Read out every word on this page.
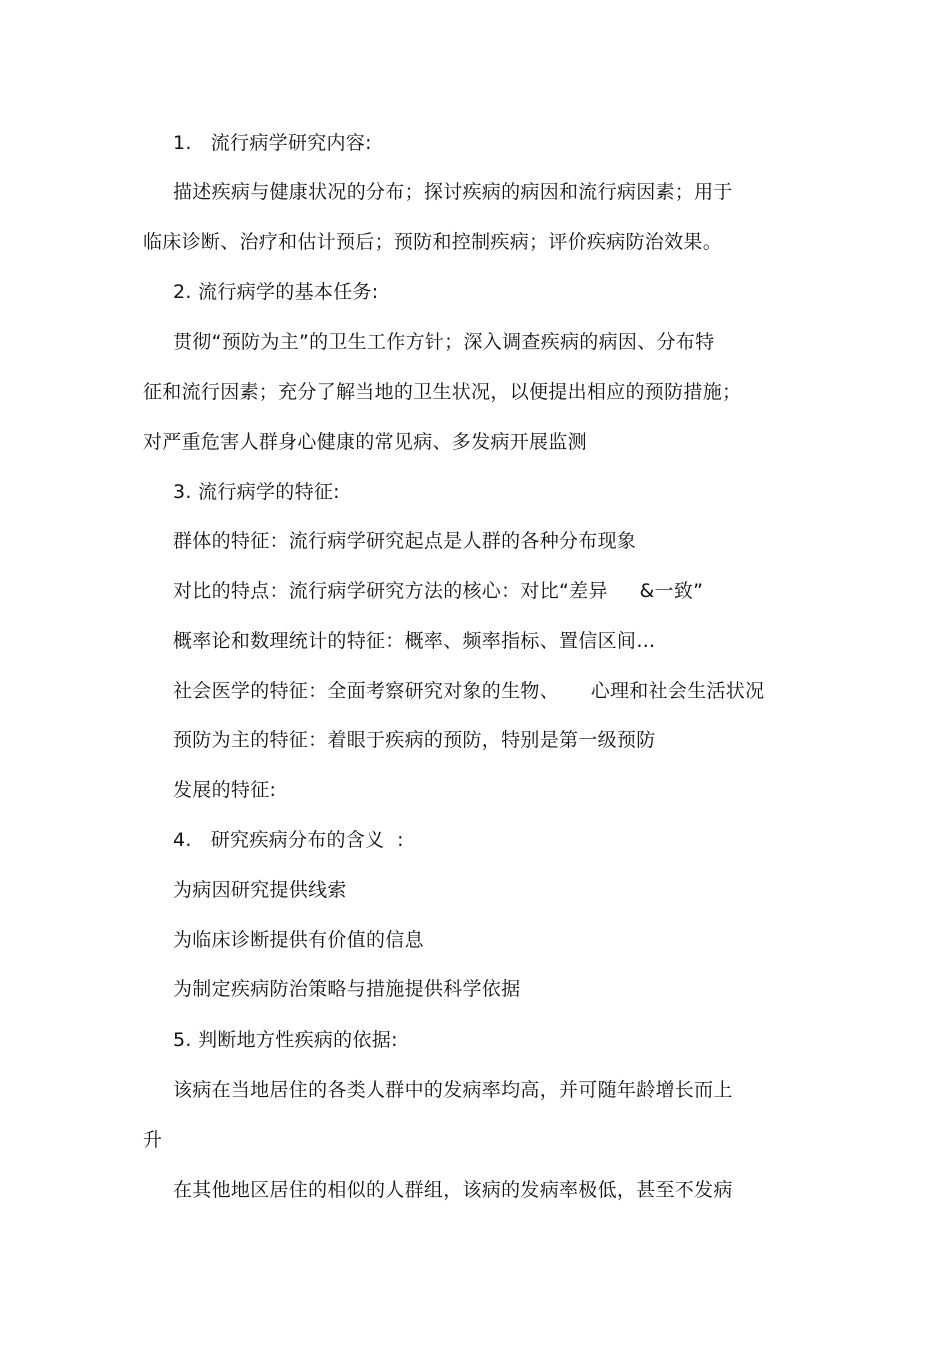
1.   流行病学研究内容:
描述疾病与健康状况的分布；探讨疾病的病因和流行病因素；用于
临床诊断、治疗和估计预后；预防和控制疾病；评价疾病防治效果。
2. 流行病学的基本任务:
贯彻“预防为主”的卫生工作方针；深入调查疾病的病因、分布特
征和流行因素；充分了解当地的卫生状况，以便提出相应的预防措施；
对严重危害人群身心健康的常见病、多发病开展监测
3. 流行病学的特征:
群体的特征：流行病学研究起点是人群的各种分布现象
对比的特点：流行病学研究方法的核心：对比“差异     &一致”
概率论和数理统计的特征：概率、频率指标、置信区间…
社会医学的特征：全面考察研究对象的生物、     心理和社会生活状况
预防为主的特征：着眼于疾病的预防，特别是第一级预防
发展的特征:
4.   研究疾病分布的含义  :
为病因研究提供线索
为临床诊断提供有价值的信息
为制定疾病防治策略与措施提供科学依据
5. 判断地方性疾病的依据:
该病在当地居住的各类人群中的发病率均高，并可随年龄增长而上
升
在其他地区居住的相似的人群组，该病的发病率极低，甚至不发病
